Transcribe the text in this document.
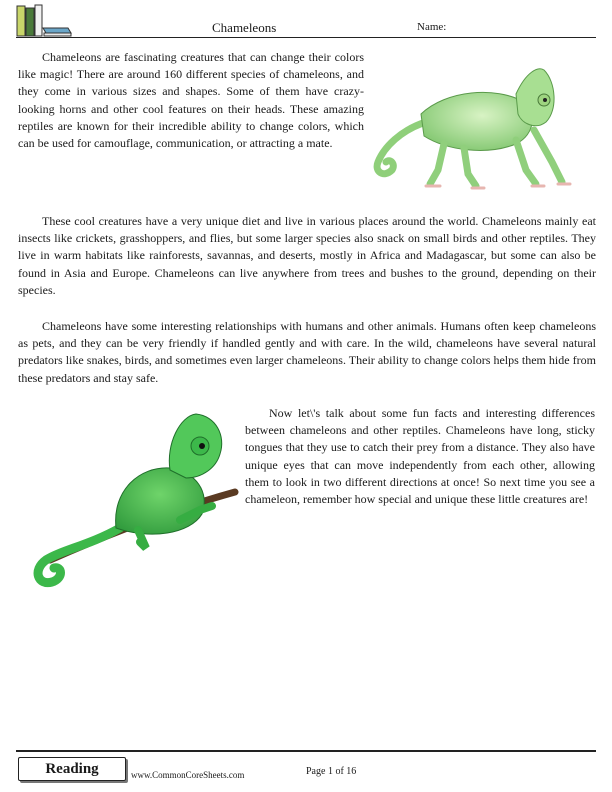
Chameleons	Name:

Chameleons are fascinating creatures that can change their colors like magic! There are around 160 different species of chameleons, and they come in various sizes and shapes. Some of them have crazy-looking horns and other cool features on their heads. These amazing reptiles are known for their incredible ability to change colors, which can be used for camouflage, communication, or attracting a mate.

These cool creatures have a very unique diet and live in various places around the world. Chameleons mainly eat insects like crickets, grasshoppers, and flies, but some larger species also snack on small birds and other reptiles. They live in warm habitats like rainforests, savannas, and deserts, mostly in Africa and Madagascar, but some can also be found in Asia and Europe. Chameleons can live anywhere from trees and bushes to the ground, depending on their species.

Chameleons have some interesting relationships with humans and other animals. Humans often keep chameleons as pets, and they can be very friendly if handled gently and with care. In the wild, chameleons have several natural predators like snakes, birds, and sometimes even larger chameleons. Their ability to change colors helps them hide from these predators and stay safe.

Now let\'s talk about some fun facts and interesting differences between chameleons and other reptiles. Chameleons have long, sticky tongues that they use to catch their prey from a distance. They also have unique eyes that can move independently from each other, allowing them to look in two different directions at once! So next time you see a chameleon, remember how special and unique these little creatures are!

Reading	www.CommonCoreSheets.com	Page 1 of 16
